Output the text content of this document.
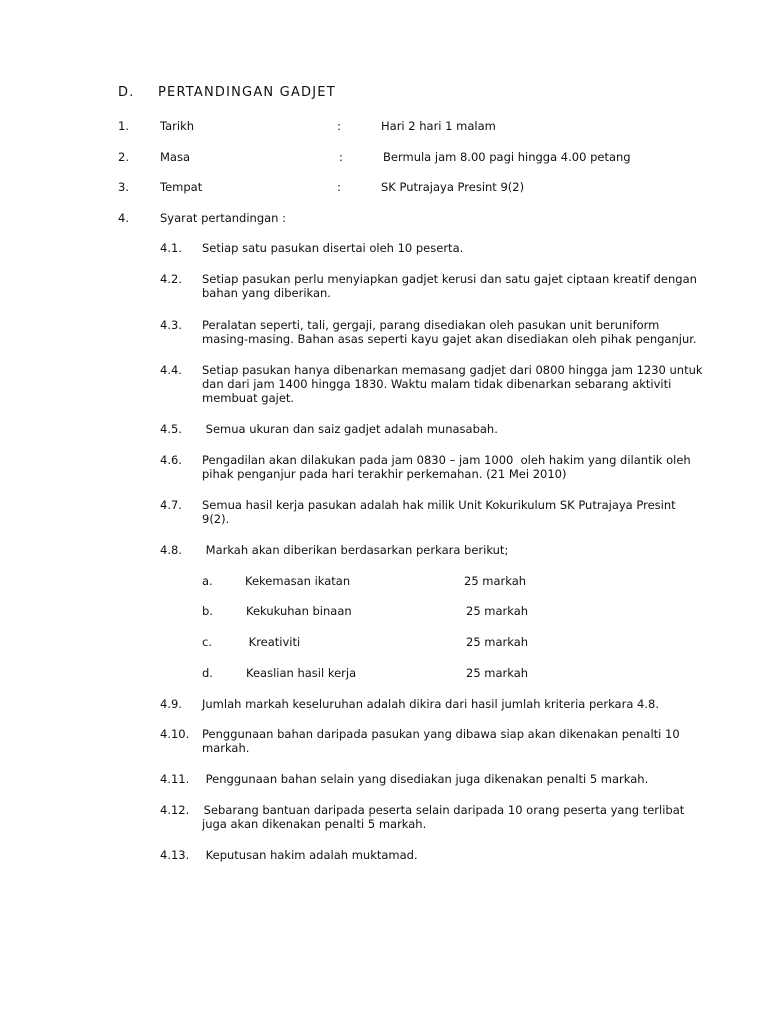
D. PERTANDINGAN GADJET
1.	Tarikh	:	Hari 2 hari 1 malam
2.	Masa	:	Bermula jam 8.00 pagi hingga 4.00 petang
3.	Tempat	:	SK Putrajaya Presint 9(2)
4.	Syarat pertandingan :
4.1. Setiap satu pasukan disertai oleh 10 peserta.
4.2. Setiap pasukan perlu menyiapkan gadjet kerusi dan satu gajet ciptaan kreatif dengan
bahan yang diberikan.
4.3. Peralatan seperti, tali, gergaji, parang disediakan oleh pasukan unit beruniform
masing-masing. Bahan asas seperti kayu gajet akan disediakan oleh pihak penganjur.
4.4. Setiap pasukan hanya dibenarkan memasang gadjet dari 0800 hingga jam 1230 untuk
dan dari jam 1400 hingga 1830. Waktu malam tidak dibenarkan sebarang aktiviti
membuat gajet.
4.5. Semua ukuran dan saiz gadjet adalah munasabah.
4.6. Pengadilan akan dilakukan pada jam 0830 – jam 1000  oleh hakim yang dilantik oleh
pihak penganjur pada hari terakhir perkemahan. (21 Mei 2010)
4.7. Semua hasil kerja pasukan adalah hak milik Unit Kokurikulum SK Putrajaya Presint
9(2).
4.8. Markah akan diberikan berdasarkan perkara berikut;
a.	Kekemasan ikatan	25 markah
b.	Kekukuhan binaan	25 markah
c.	Kreativiti	25 markah
d.	Keaslian hasil kerja	25 markah
4.9. Jumlah markah keseluruhan adalah dikira dari hasil jumlah kriteria perkara 4.8.
4.10. Penggunaan bahan daripada pasukan yang dibawa siap akan dikenakan penalti 10
markah.
4.11. Penggunaan bahan selain yang disediakan juga dikenakan penalti 5 markah.
4.12. Sebarang bantuan daripada peserta selain daripada 10 orang peserta yang terlibat
juga akan dikenakan penalti 5 markah.
4.13. Keputusan hakim adalah muktamad.
